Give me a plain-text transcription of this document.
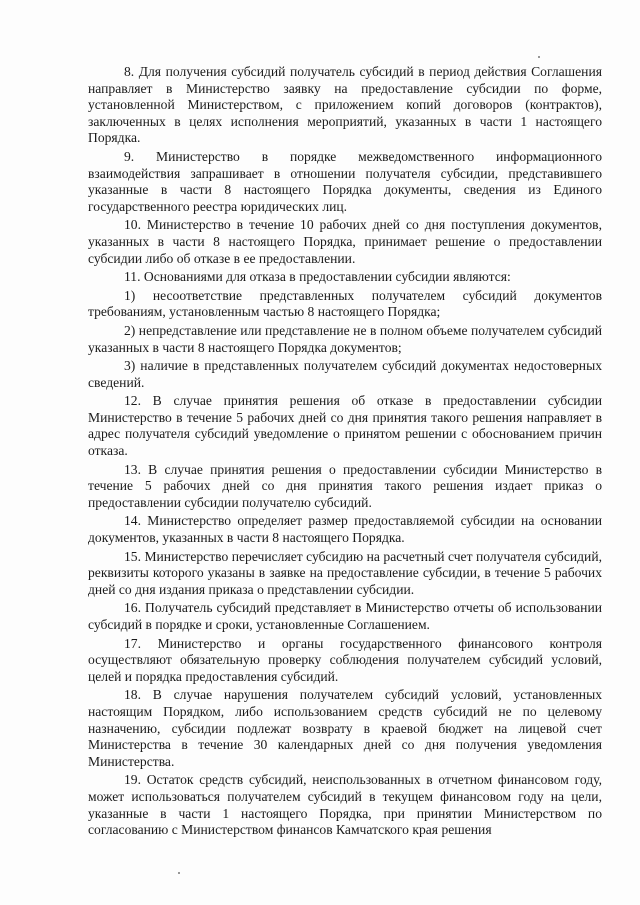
8. Для получения субсидий получатель субсидий в период действия Соглашения направляет в Министерство заявку на предоставление субсидии по форме, установленной Министерством, с приложением копий договоров (контрактов), заключенных в целях исполнения мероприятий, указанных в части 1 настоящего Порядка.

9. Министерство в порядке межведомственного информационного взаимодействия запрашивает в отношении получателя субсидии, представившего указанные в части 8 настоящего Порядка документы, сведения из Единого государственного реестра юридических лиц.

10. Министерство в течение 10 рабочих дней со дня поступления документов, указанных в части 8 настоящего Порядка, принимает решение о предоставлении субсидии либо об отказе в ее предоставлении.

11. Основаниями для отказа в предоставлении субсидии являются:

1) несоответствие представленных получателем субсидий документов требованиям, установленным частью 8 настоящего Порядка;

2) непредставление или представление не в полном объеме получателем субсидий указанных в части 8 настоящего Порядка документов;

3) наличие в представленных получателем субсидий документах недостоверных сведений.

12. В случае принятия решения об отказе в предоставлении субсидии Министерство в течение 5 рабочих дней со дня принятия такого решения направляет в адрес получателя субсидий уведомление о принятом решении с обоснованием причин отказа.

13. В случае принятия решения о предоставлении субсидии Министерство в течение 5 рабочих дней со дня принятия такого решения издает приказ о предоставлении субсидии получателю субсидий.

14. Министерство определяет размер предоставляемой субсидии на основании документов, указанных в части 8 настоящего Порядка.

15. Министерство перечисляет субсидию на расчетный счет получателя субсидий, реквизиты которого указаны в заявке на предоставление субсидии, в течение 5 рабочих дней со дня издания приказа о представлении субсидии.

16. Получатель субсидий представляет в Министерство отчеты об использовании субсидий в порядке и сроки, установленные Соглашением.

17. Министерство и органы государственного финансового контроля осуществляют обязательную проверку соблюдения получателем субсидий условий, целей и порядка предоставления субсидий.

18. В случае нарушения получателем субсидий условий, установленных настоящим Порядком, либо использованием средств субсидий не по целевому назначению, субсидии подлежат возврату в краевой бюджет на лицевой счет Министерства в течение 30 календарных дней со дня получения уведомления Министерства.

19. Остаток средств субсидий, неиспользованных в отчетном финансовом году, может использоваться получателем субсидий в текущем финансовом году на цели, указанные в части 1 настоящего Порядка, при принятии Министерством по согласованию с Министерством финансов Камчатского края решения
